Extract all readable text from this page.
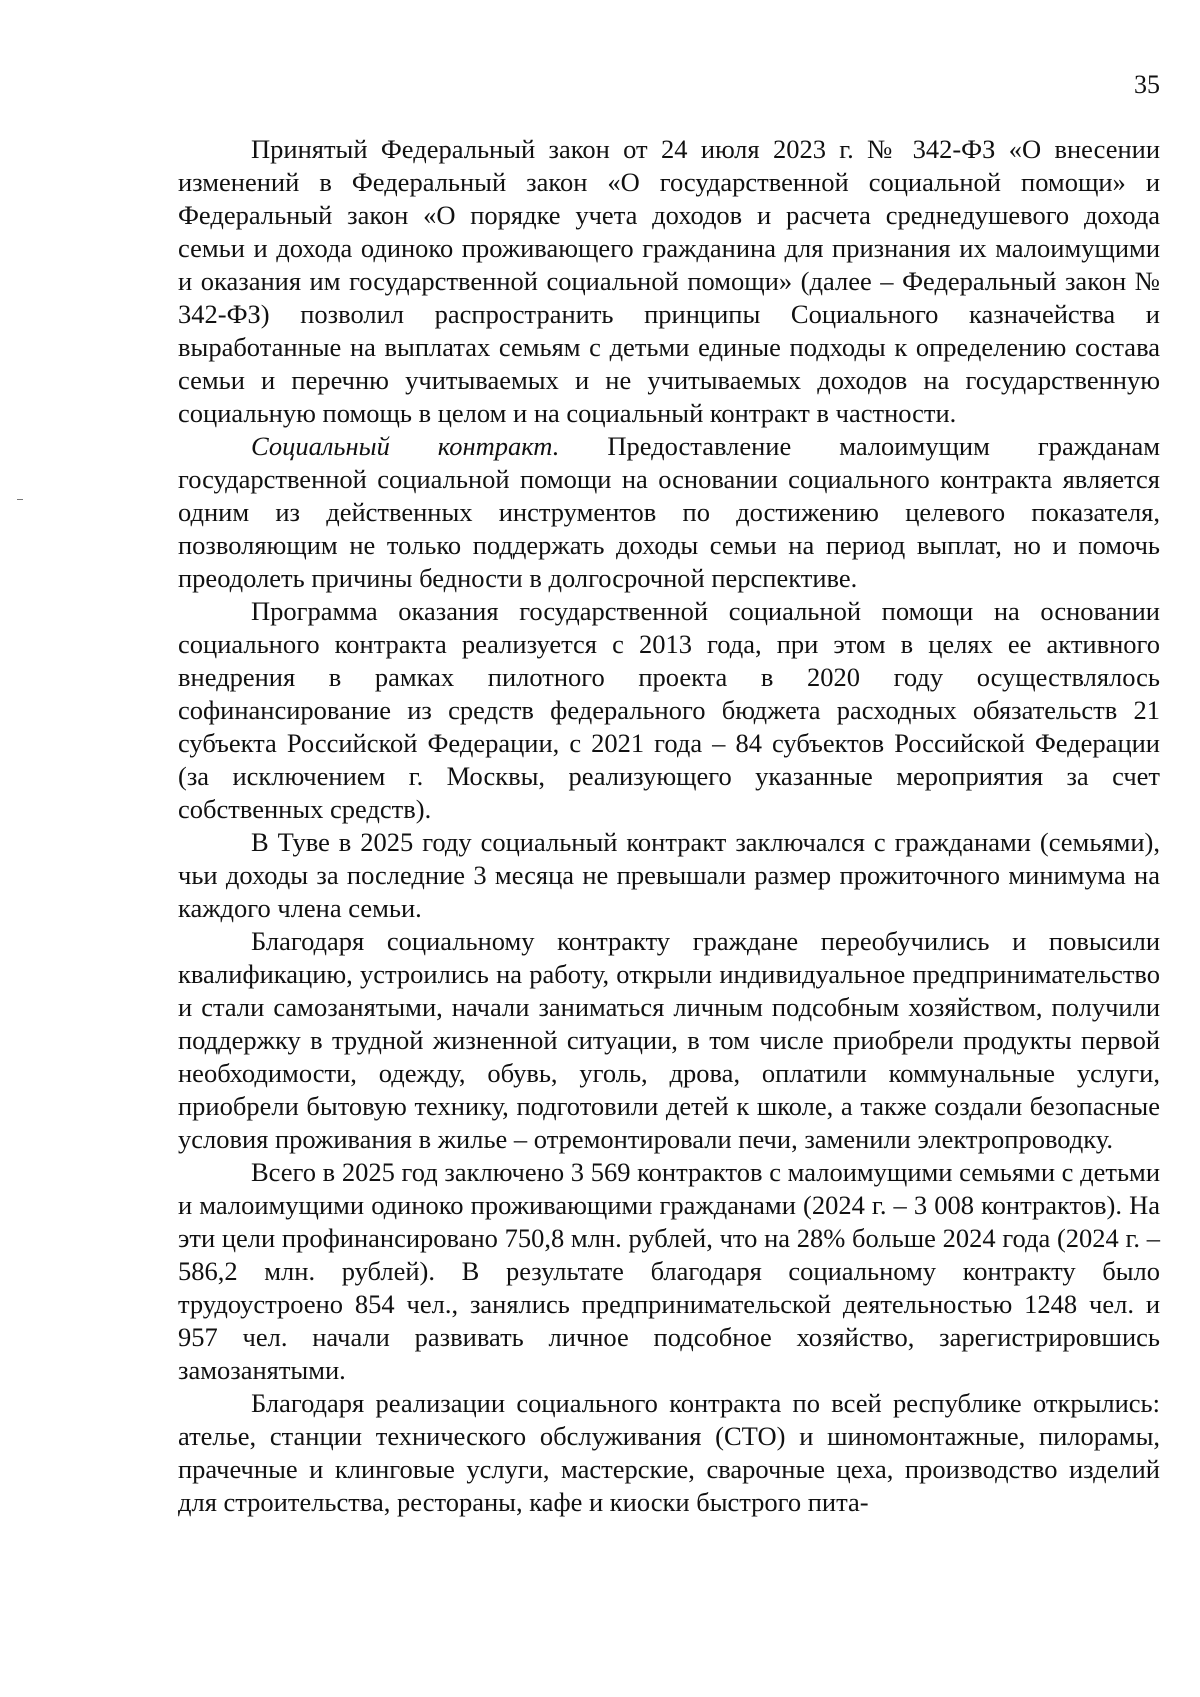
35

Принятый Федеральный закон от 24 июля 2023 г. № 342-ФЗ «О внесении изменений в Федеральный закон «О государственной социальной помощи» и Федеральный закон «О порядке учета доходов и расчета среднедушевого дохода семьи и дохода одиноко проживающего гражданина для признания их малоимущими и оказания им государственной социальной помощи» (далее – Федеральный закон № 342-ФЗ) позволил распространить принципы Социального казначейства и выработанные на выплатах семьям с детьми единые подходы к определению состава семьи и перечню учитываемых и не учитываемых доходов на государственную социальную помощь в целом и на социальный контракт в частности.

Социальный контракт. Предоставление малоимущим гражданам государственной социальной помощи на основании социального контракта является одним из действенных инструментов по достижению целевого показателя, позволяющим не только поддержать доходы семьи на период выплат, но и помочь преодолеть причины бедности в долгосрочной перспективе.

Программа оказания государственной социальной помощи на основании социального контракта реализуется с 2013 года, при этом в целях ее активного внедрения в рамках пилотного проекта в 2020 году осуществлялось софинансирование из средств федерального бюджета расходных обязательств 21 субъекта Российской Федерации, с 2021 года – 84 субъектов Российской Федерации (за исключением г. Москвы, реализующего указанные мероприятия за счет собственных средств).

В Туве в 2025 году социальный контракт заключался с гражданами (семьями), чьи доходы за последние 3 месяца не превышали размер прожиточного минимума на каждого члена семьи.

Благодаря социальному контракту граждане переобучились и повысили квалификацию, устроились на работу, открыли индивидуальное предпринимательство и стали самозанятыми, начали заниматься личным подсобным хозяйством, получили поддержку в трудной жизненной ситуации, в том числе приобрели продукты первой необходимости, одежду, обувь, уголь, дрова, оплатили коммунальные услуги, приобрели бытовую технику, подготовили детей к школе, а также создали безопасные условия проживания в жилье – отремонтировали печи, заменили электропроводку.

Всего в 2025 год заключено 3 569 контрактов с малоимущими семьями с детьми и малоимущими одиноко проживающими гражданами (2024 г. – 3 008 контрактов). На эти цели профинансировано 750,8 млн. рублей, что на 28% больше 2024 года (2024 г. – 586,2 млн. рублей). В результате благодаря социальному контракту было трудоустроено 854 чел., занялись предпринимательской деятельностью 1248 чел. и 957 чел. начали развивать личное подсобное хозяйство, зарегистрировшись замозанятыми.

Благодаря реализации социального контракта по всей республике открылись: ателье, станции технического обслуживания (СТО) и шиномонтажные, пилорамы, прачечные и клинговые услуги, мастерские, сварочные цеха, производство изделий для строительства, рестораны, кафе и киоски быстрого пита-
